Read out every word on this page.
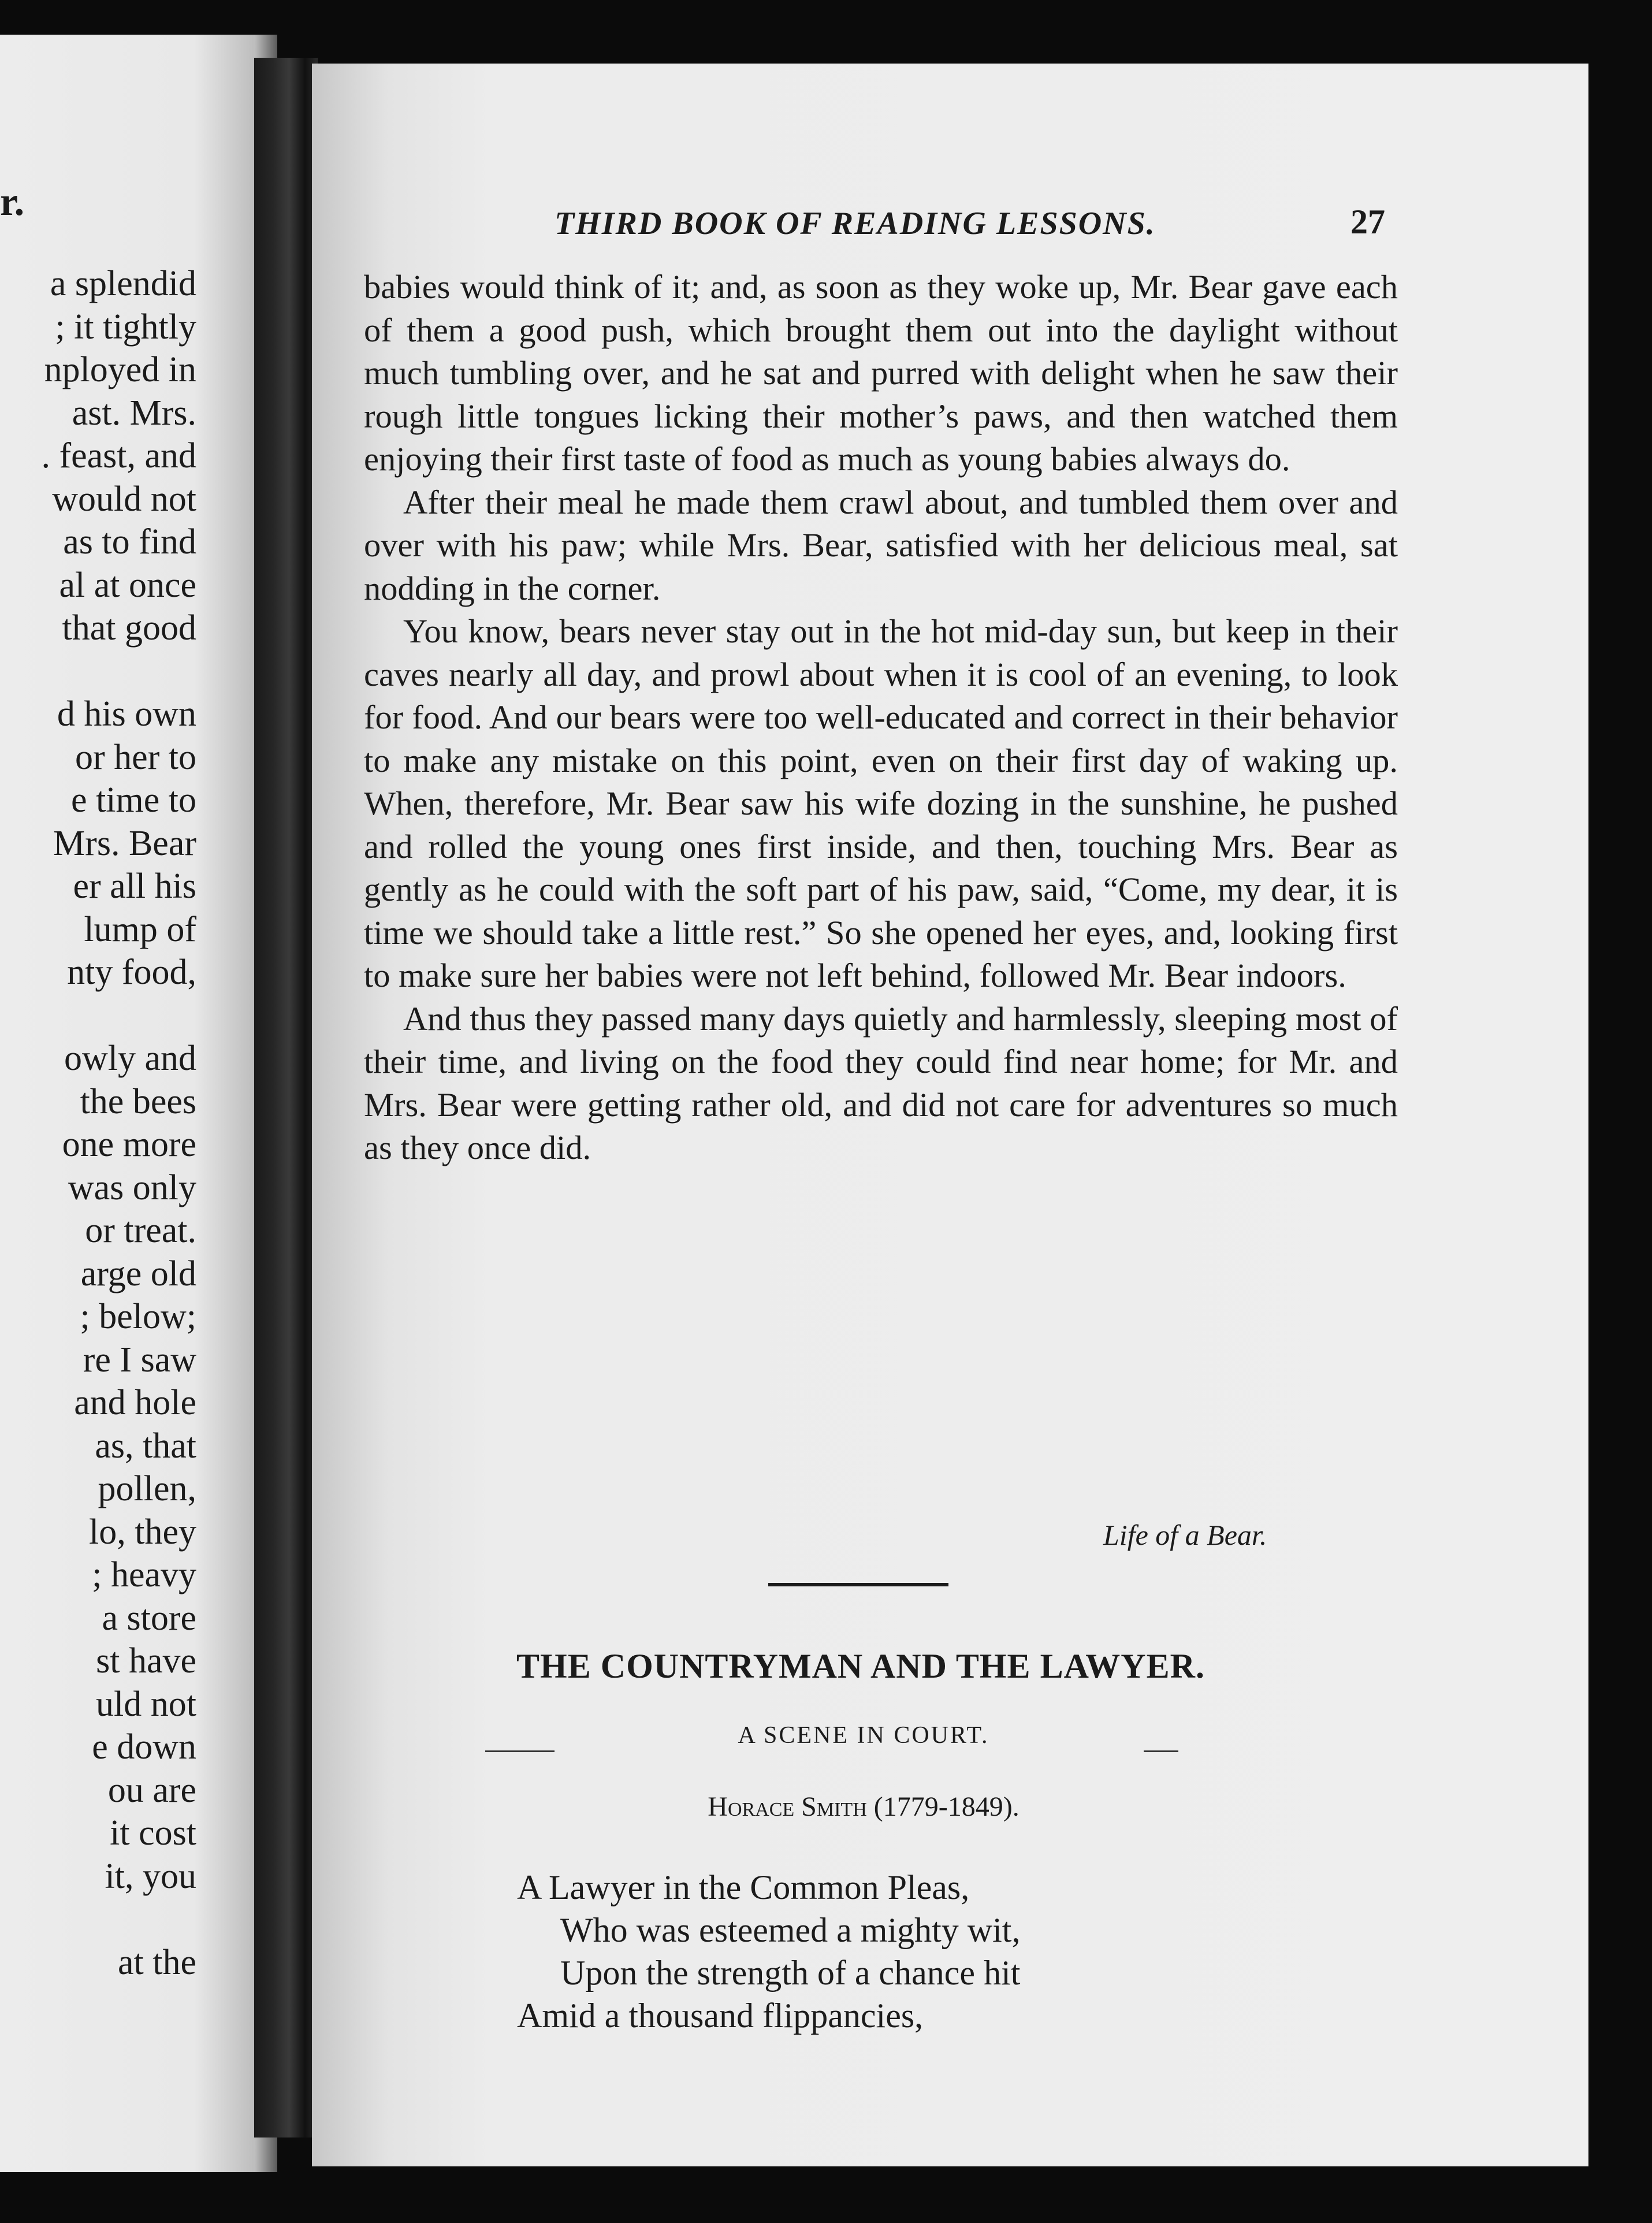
r.
a splendid
; it tightly
nployed in
ast. Mrs.
. feast, and
would not
as to find
al at once
that good
d his own
or her to
e time to
Mrs. Bear
er all his
lump of
nty food,
owly and
the bees
one more
was only
or treat.
arge old
; below;
re I saw
and hole
as, that
pollen,
lo, they
; heavy
a store
st have
uld not
e down
ou are
it cost
it, you
at the
THIRD BOOK OF READING LESSONS.	27

babies would think of it; and, as soon as they woke up, Mr. Bear gave each of them a good push, which brought them out into the daylight without much tumbling over, and he sat and purred with delight when he saw their rough little tongues licking their mother’s paws, and then watched them enjoying their first taste of food as much as young babies always do.

After their meal he made them crawl about, and tumbled them over and over with his paw; while Mrs. Bear, satisfied with her delicious meal, sat nodding in the corner.

You know, bears never stay out in the hot mid-day sun, but keep in their caves nearly all day, and prowl about when it is cool of an evening, to look for food. And our bears were too well-educated and correct in their behavior to make any mistake on this point, even on their first day of waking up. When, therefore, Mr. Bear saw his wife dozing in the sunshine, he pushed and rolled the young ones first inside, and then, touching Mrs. Bear as gently as he could with the soft part of his paw, said, “Come, my dear, it is time we should take a little rest.” So she opened her eyes, and, looking first to make sure her babies were not left behind, followed Mr. Bear indoors.

And thus they passed many days quietly and harmlessly, sleeping most of their time, and living on the food they could find near home; for Mr. and Mrs. Bear were getting rather old, and did not care for adventures so much as they once did.

Life of a Bear.
THE COUNTRYMAN AND THE LAWYER.
A SCENE IN COURT.
Horace Smith (1779-1849).
A Lawyer in the Common Pleas,
Who was esteemed a mighty wit,
Upon the strength of a chance hit
Amid a thousand flippancies,
